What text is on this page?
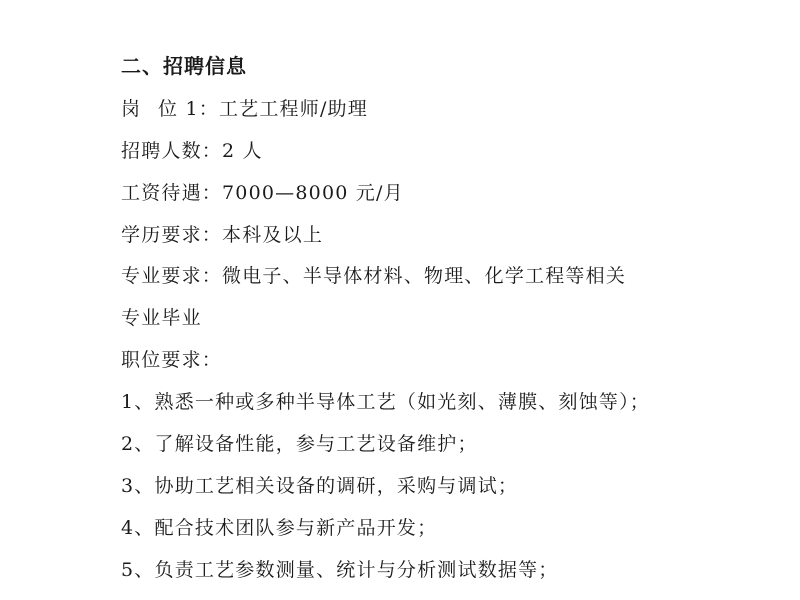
二、招聘信息
岗位 1：工艺工程师/助理
招聘人数：2 人
工资待遇：7000—8000 元/月
学历要求：本科及以上
专业要求：微电子、半导体材料、物理、化学工程等相关
专业毕业
职位要求：
1、熟悉一种或多种半导体工艺（如光刻、薄膜、刻蚀等）；
2、了解设备性能，参与工艺设备维护；
3、协助工艺相关设备的调研，采购与调试；
4、配合技术团队参与新产品开发；
5、负责工艺参数测量、统计与分析测试数据等；
